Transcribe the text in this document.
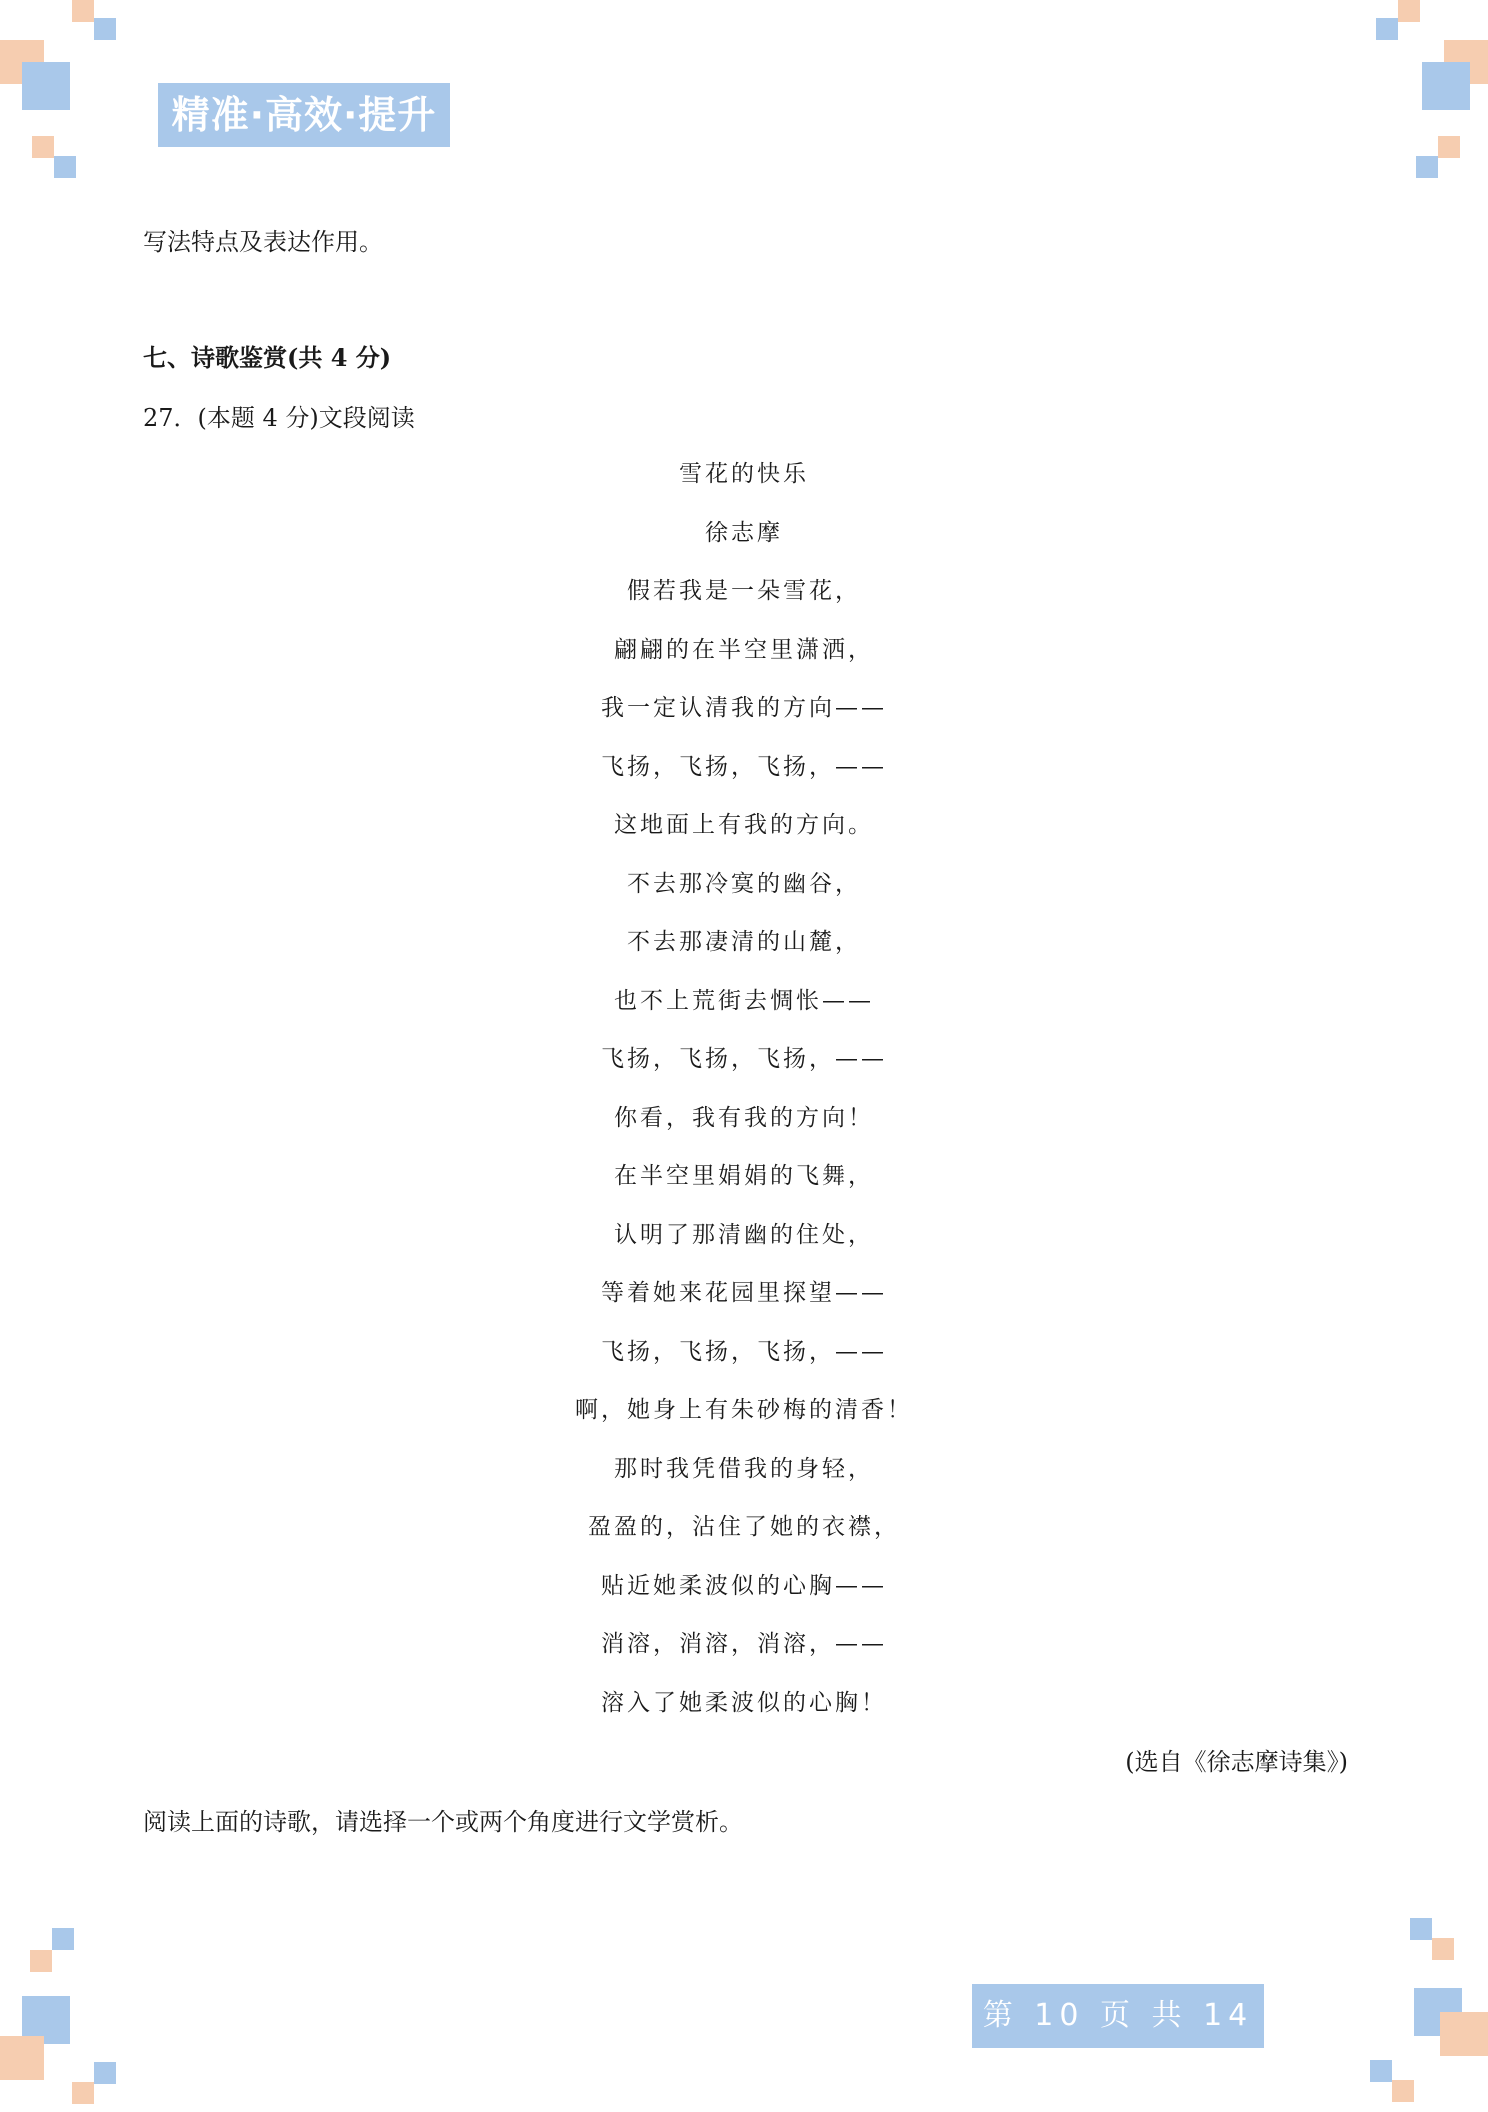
精准·高效·提升
写法特点及表达作用。
七、诗歌鉴赏(共 4 分)
27．(本题 4 分)文段阅读
雪花的快乐
徐志摩
假若我是一朵雪花，
翩翩的在半空里潇洒，
我一定认清我的方向——
飞扬，飞扬，飞扬，——
这地面上有我的方向。
不去那冷寞的幽谷，
不去那凄清的山麓，
也不上荒街去惆怅——
飞扬，飞扬，飞扬，——
你看，我有我的方向！
在半空里娟娟的飞舞，
认明了那清幽的住处，
等着她来花园里探望——
飞扬，飞扬，飞扬，——
啊，她身上有朱砂梅的清香！
那时我凭借我的身轻，
盈盈的，沾住了她的衣襟，
贴近她柔波似的心胸——
消溶，消溶，消溶，——
溶入了她柔波似的心胸！
(选自《徐志摩诗集》)
阅读上面的诗歌，请选择一个或两个角度进行文学赏析。
第 10 页 共 14 页
